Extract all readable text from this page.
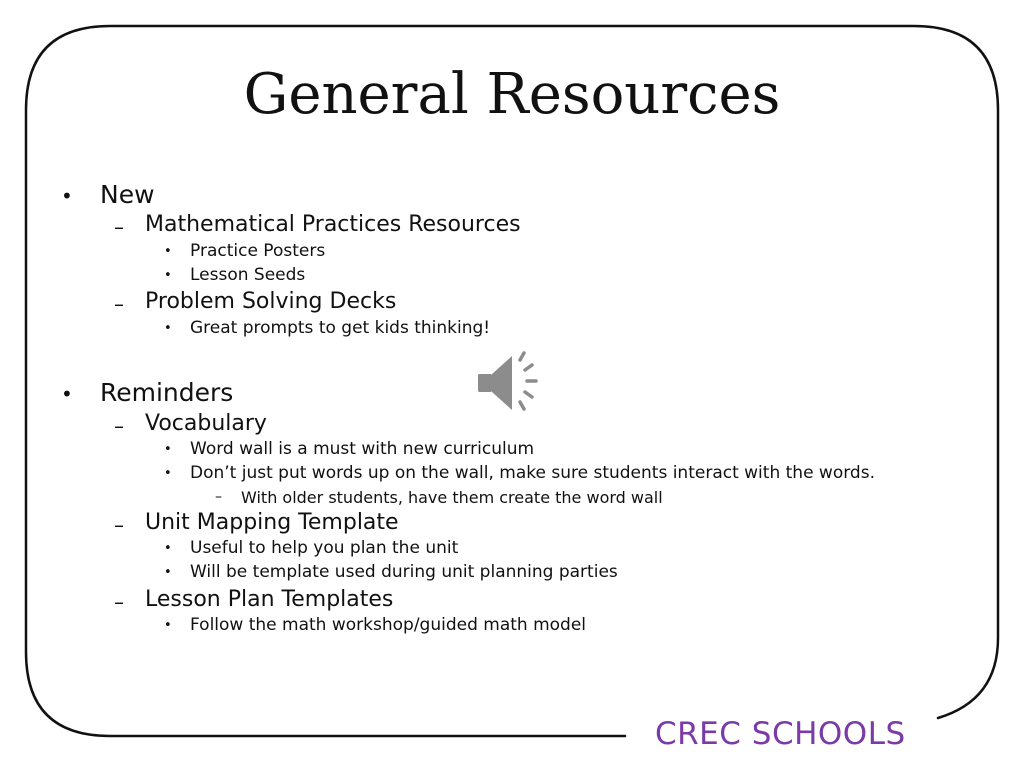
General Resources
• New
– Mathematical Practices Resources
• Practice Posters
• Lesson Seeds
– Problem Solving Decks
• Great prompts to get kids thinking!
• Reminders
– Vocabulary
• Word wall is a must with new curriculum
• Don’t just put words up on the wall, make sure students interact with the words.
– With older students, have them create the word wall
– Unit Mapping Template
• Useful to help you plan the unit
• Will be template used during unit planning parties
– Lesson Plan Templates
• Follow the math workshop/guided math model
CREC SCHOOLS
